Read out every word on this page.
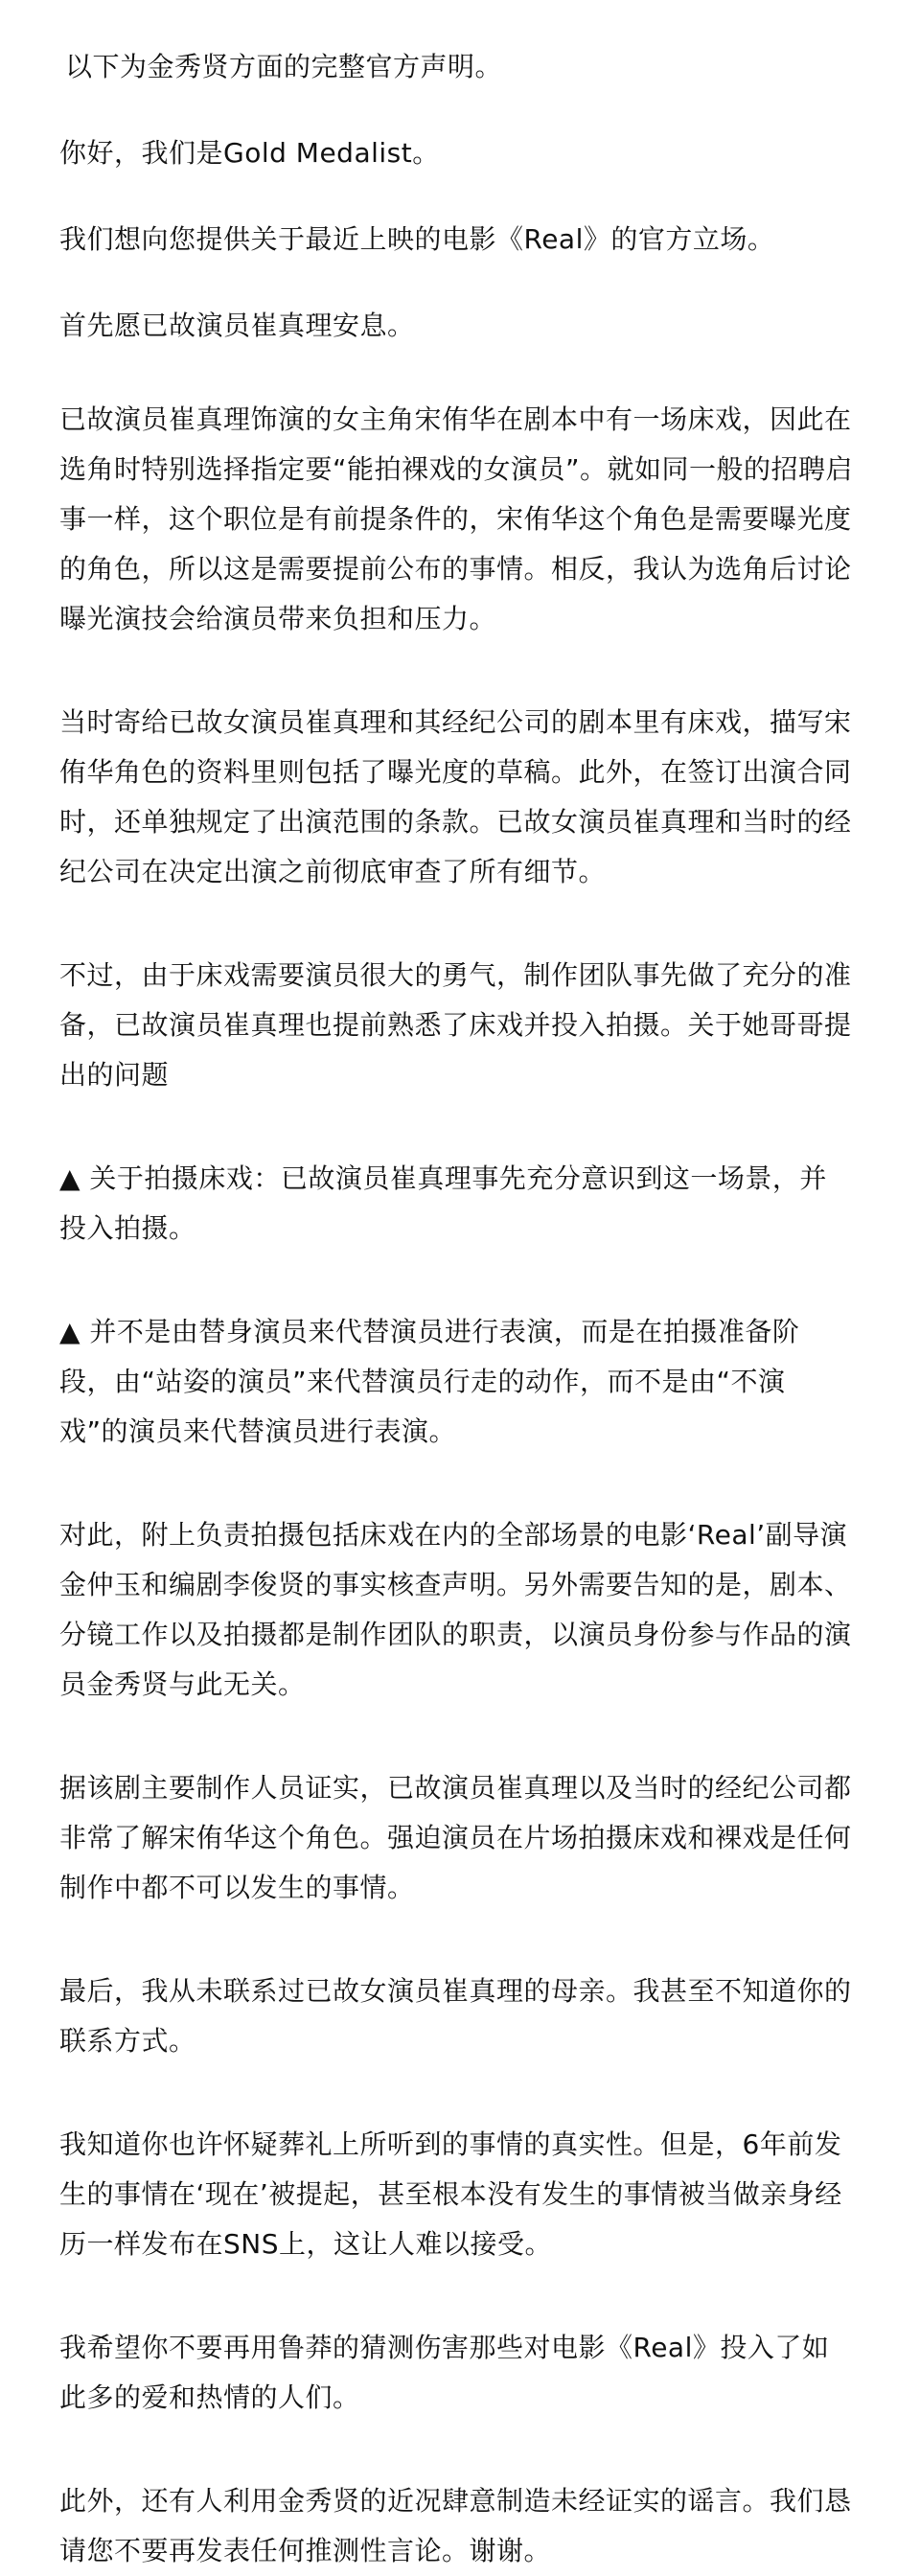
以下为金秀贤方面的完整官方声明。

你好，我们是Gold Medalist。

我们想向您提供关于最近上映的电影《Real》的官方立场。

首先愿已故演员崔真理安息。

已故演员崔真理饰演的女主角宋侑华在剧本中有一场床戏，因此在选角时特别选择指定要“能拍裸戏的女演员”。就如同一般的招聘启事一样，这个职位是有前提条件的，宋侑华这个角色是需要曝光度的角色，所以这是需要提前公布的事情。相反，我认为选角后讨论曝光演技会给演员带来负担和压力。

当时寄给已故女演员崔真理和其经纪公司的剧本里有床戏，描写宋侑华角色的资料里则包括了曝光度的草稿。此外，在签订出演合同时，还单独规定了出演范围的条款。已故女演员崔真理和当时的经纪公司在决定出演之前彻底审查了所有细节。

不过，由于床戏需要演员很大的勇气，制作团队事先做了充分的准备，已故演员崔真理也提前熟悉了床戏并投入拍摄。关于她哥哥提出的问题

▲ 关于拍摄床戏：已故演员崔真理事先充分意识到这一场景，并投入拍摄。

▲ 并不是由替身演员来代替演员进行表演，而是在拍摄准备阶段，由“站姿的演员”来代替演员行走的动作，而不是由“不演戏”的演员来代替演员进行表演。

对此，附上负责拍摄包括床戏在内的全部场景的电影‘Real’副导演金仲玉和编剧李俊贤的事实核查声明。另外需要告知的是，剧本、分镜工作以及拍摄都是制作团队的职责，以演员身份参与作品的演员金秀贤与此无关。

据该剧主要制作人员证实，已故演员崔真理以及当时的经纪公司都非常了解宋侑华这个角色。强迫演员在片场拍摄床戏和裸戏是任何制作中都不可以发生的事情。

最后，我从未联系过已故女演员崔真理的母亲。我甚至不知道你的联系方式。

我知道你也许怀疑葬礼上所听到的事情的真实性。但是，6年前发生的事情在‘现在’被提起，甚至根本没有发生的事情被当做亲身经历一样发布在SNS上，这让人难以接受。

我希望你不要再用鲁莽的猜测伤害那些对电影《Real》投入了如此多的爱和热情的人们。

此外，还有人利用金秀贤的近况肆意制造未经证实的谣言。我们恳请您不要再发表任何推测性言论。谢谢。
